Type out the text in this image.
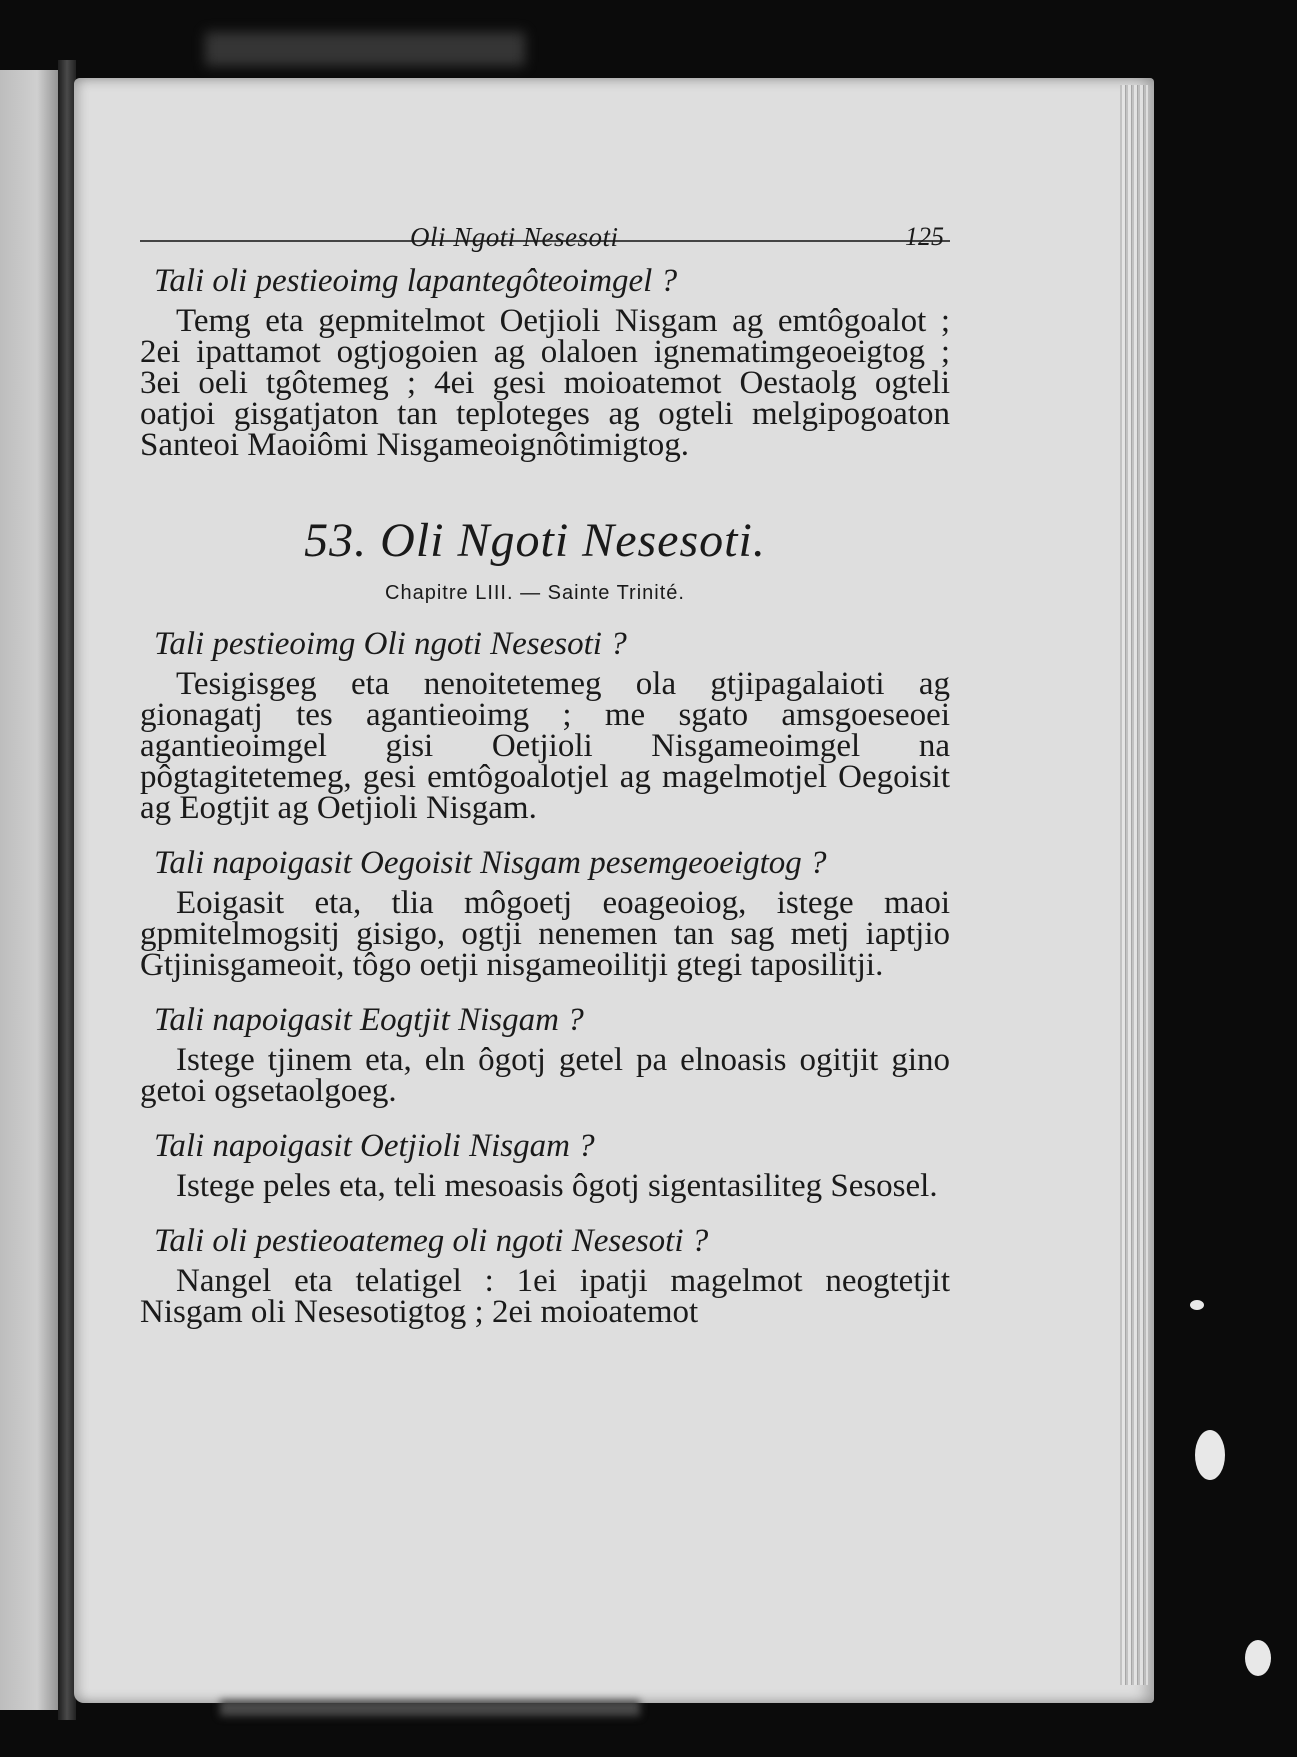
Oli Ngoti Nesesoti	125

Tali oli pestieoimg lapantegôteoimgel ?

Temg eta gepmitelmot Oetjioli Nisgam ag emtôgoalot ; 2ei ipattamot ogtjogoien ag olaloen ignematimgeoeigtog ; 3ei oeli tgôtemeg ; 4ei gesi moioatemot Oestaolg ogteli oatjoi gisgatjaton tan teploteges ag ogteli melgipogoaton Santeoi Maoiômi Nisgameoignôtimigtog.

53. Oli Ngoti Nesesoti.
Chapitre LIII. — Sainte Trinité.

Tali pestieoimg Oli ngoti Nesesoti ?

Tesigisgeg eta nenoitetemeg ola gtjipagalaioti ag gionagatj tes agantieoimg ; me sgato amsgoeseoei agantieoimgel gisi Oetjioli Nisgameoimgel na pôgtagitetemeg, gesi emtôgoalotjel ag magelmotjel Oegoisit ag Eogtjit ag Oetjioli Nisgam.

Tali napoigasit Oegoisit Nisgam pesemgeoeigtog ?

Eoigasit eta, tlia môgoetj eoageoiog, istege maoi gpmitelmogsitj gisigo, ogtji nenemen tan sag metj iaptjio Gtjinisgameoit, tôgo oetji nisgameoilitji gtegi taposilitji.

Tali napoigasit Eogtjit Nisgam ?

Istege tjinem eta, eln ôgotj getel pa elnoasis ogitjit gino getoi ogsetaolgoeg.

Tali napoigasit Oetjioli Nisgam ?

Istege peles eta, teli mesoasis ôgotj sigentasiliteg Sesosel.

Tali oli pestieoatemeg oli ngoti Nesesoti ?

Nangel eta telatigel : 1ei ipatji magelmot neogtetjit Nisgam oli Nesesotigtog ; 2ei moioatemot
